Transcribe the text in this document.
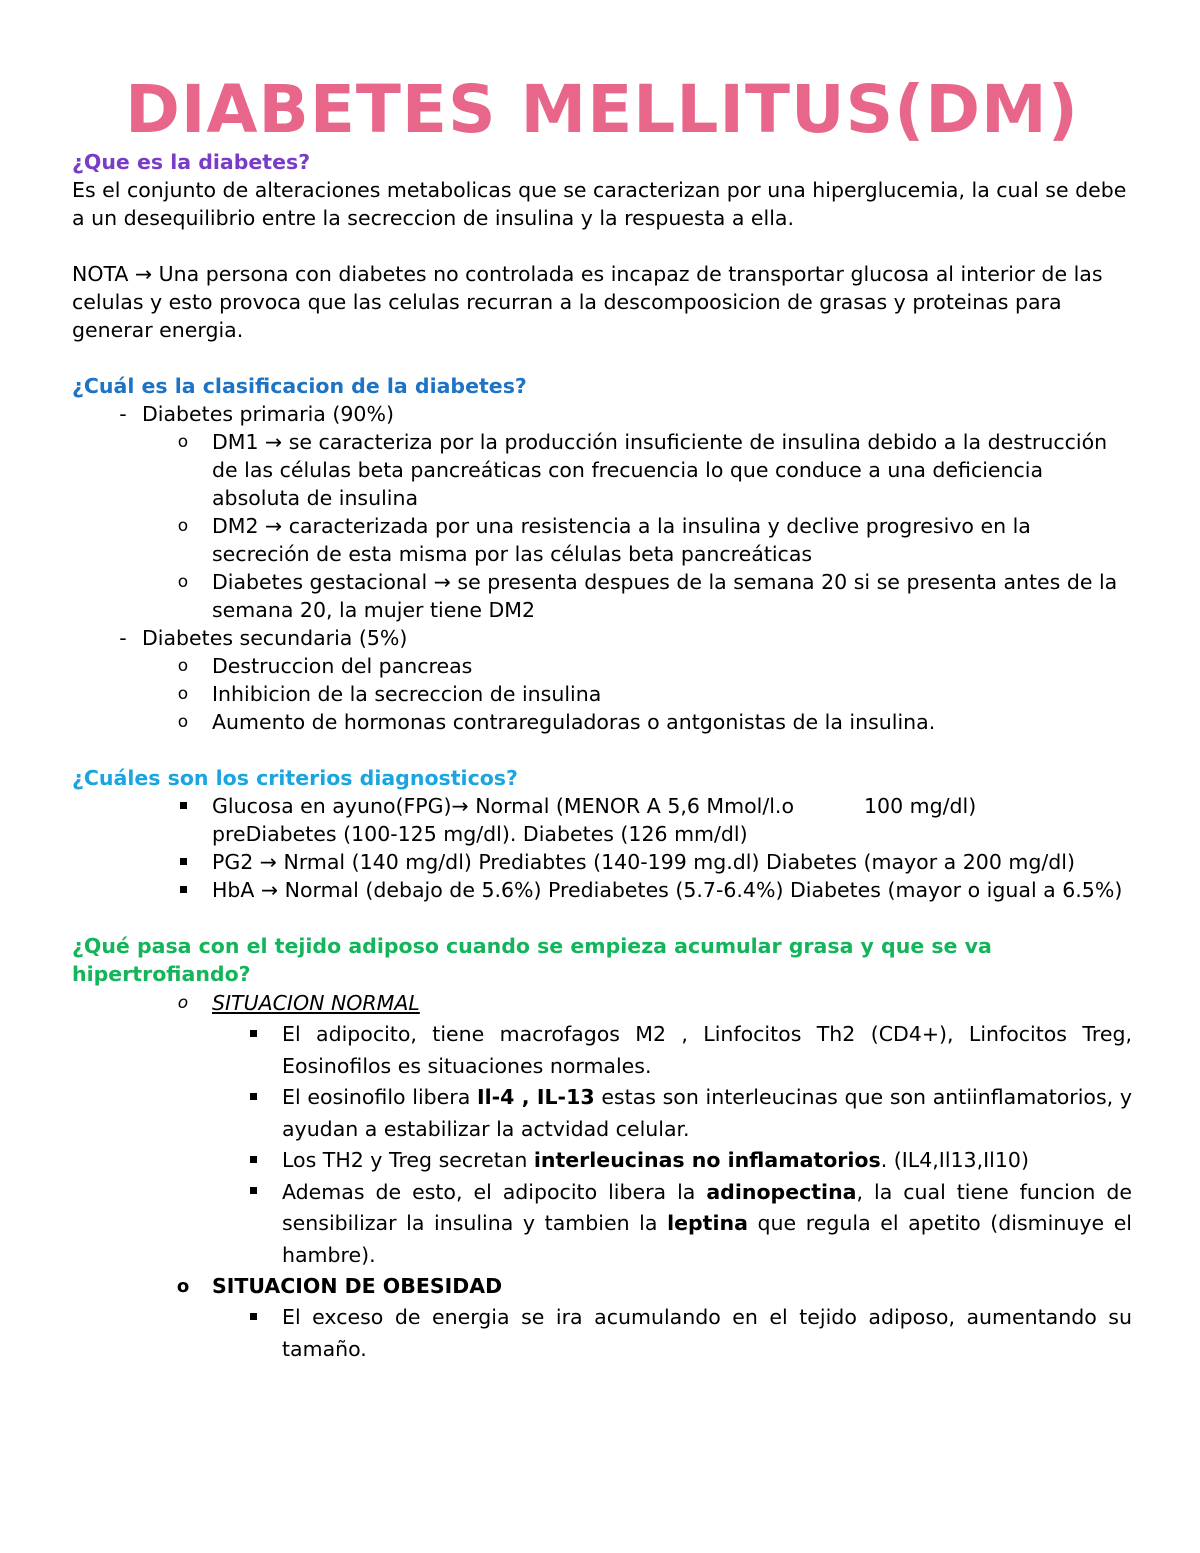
DIABETES MELLITUS(DM)

¿Que es la diabetes?

Es el conjunto de alteraciones metabolicas que se caracterizan por una hiperglucemia, la cual se debe a un desequilibrio entre la secreccion de insulina y la respuesta a ella.

NOTA → Una persona con diabetes no controlada es incapaz de transportar glucosa al interior de las celulas y esto provoca que las celulas recurran a la descompoosicion de grasas y proteinas para generar energia.

¿Cuál es la clasificacion de la diabetes?

- Diabetes primaria (90%)
o	DM1 → se caracteriza por la producción insuficiente de insulina debido a la destrucción de las células beta pancreáticas con frecuencia lo que conduce a una deficiencia absoluta de insulina
o	DM2 → caracterizada por una resistencia a la insulina y declive progresivo en la secreción de esta misma por las células beta pancreáticas
o	Diabetes gestacional → se presenta despues de la semana 20 si se presenta antes de la semana 20, la mujer tiene DM2
- Diabetes secundaria (5%)
o	Destruccion del pancreas
o	Inhibicion de la secreccion de insulina
o	Aumento de hormonas contrareguladoras o antgonistas de la insulina.

¿Cuáles son los criterios diagnosticos?

Glucosa en ayuno(FPG)→ Normal (MENOR A 5,6 Mmol/l.o	100 mg/dl)
preDiabetes (100-125 mg/dl). Diabetes (126 mm/dl)
PG2 → Nrmal (140 mg/dl) Prediabtes (140-199 mg.dl) Diabetes (mayor a 200 mg/dl)
HbA → Normal (debajo de 5.6%) Prediabetes (5.7-6.4%) Diabetes (mayor o igual a 6.5%)

¿Qué pasa con el tejido adiposo cuando se empieza acumular grasa y que se va hipertrofiando?

o	SITUACION NORMAL
El adipocito, tiene macrofagos M2 , Linfocitos Th2 (CD4+), Linfocitos Treg, Eosinofilos es situaciones normales.
El eosinofilo libera Il-4 , IL-13 estas son interleucinas que son antiinflamatorios, y ayudan a estabilizar la actvidad celular.
Los TH2 y Treg secretan interleucinas no inflamatorios. (IL4,Il13,Il10)
Ademas de esto, el adipocito libera la adinopectina, la cual tiene funcion de sensibilizar la insulina y tambien la leptina que regula el apetito (disminuye el hambre).
o	SITUACION DE OBESIDAD
El exceso de energia se ira acumulando en el tejido adiposo, aumentando su tamaño.
